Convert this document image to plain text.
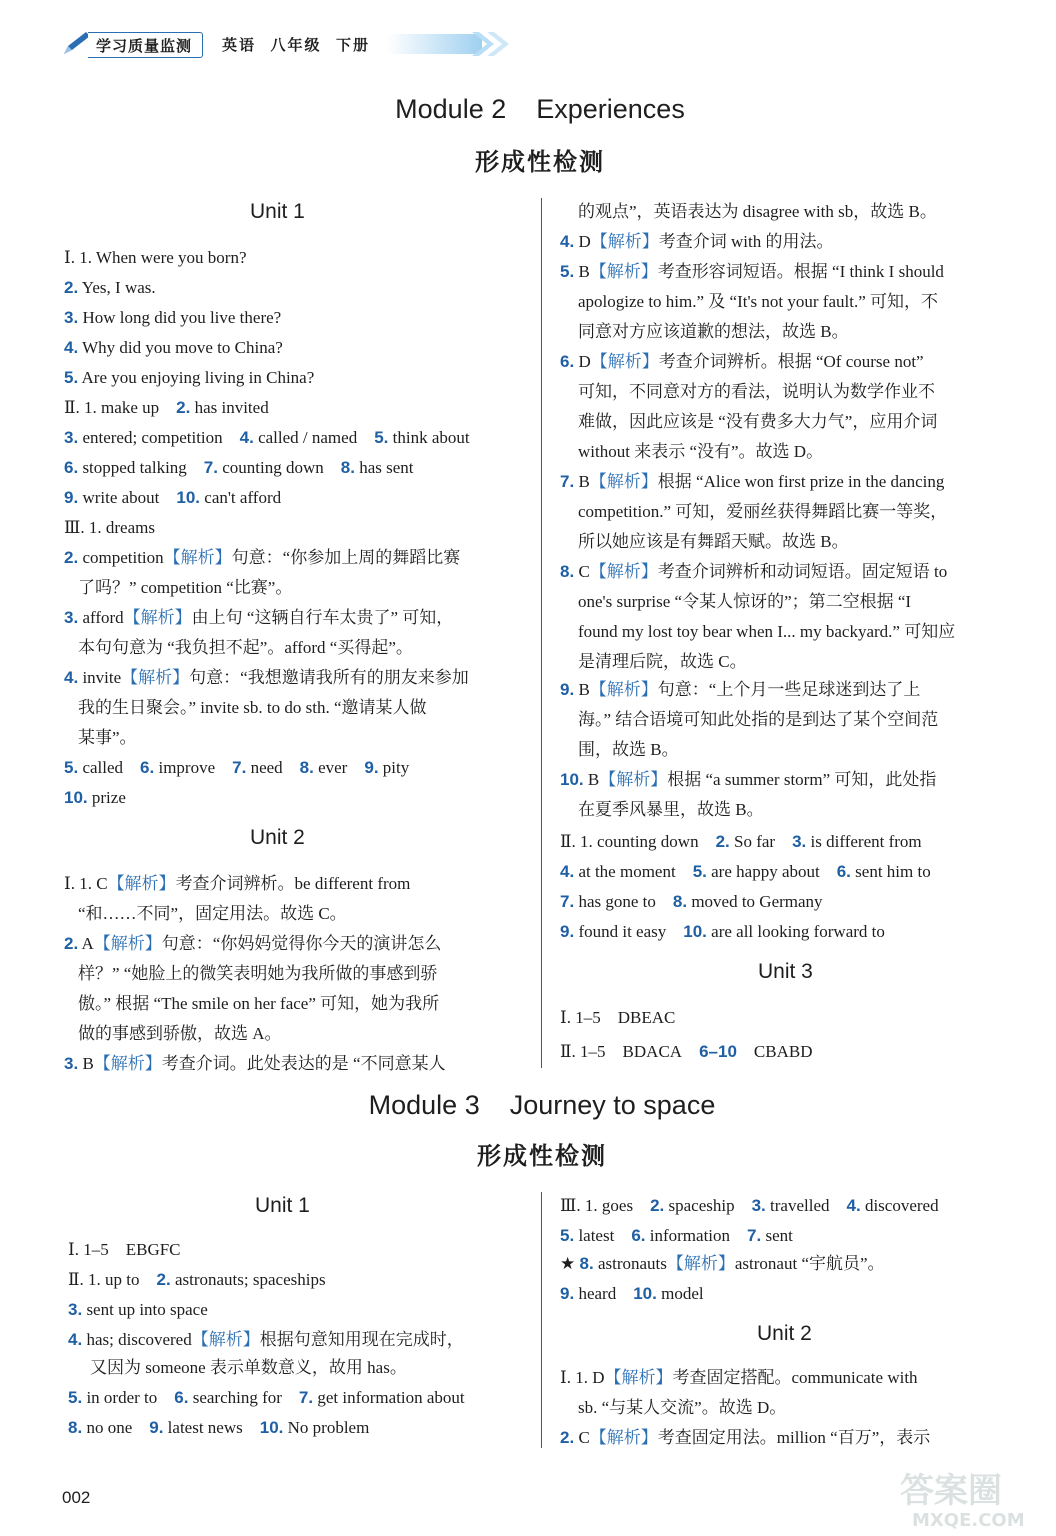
学习质量监测	英语
八年级
下册
Module 2    Experiences
形成性检测
Unit 1
Ⅰ. 1. When were you born?
2. Yes, I was.
3. How long did you live there?
4. Why did you move to China?
5. Are you enjoying living in China?
Ⅱ. 1. make up    2. has invited
3. entered; competition    4. called / named    5. think about
6. stopped talking    7. counting down    8. has sent
9. write about    10. can't afford
Ⅲ. 1. dreams
2. competition【解析】句意：“你参加上周的舞蹈比赛
了吗？” competition “比赛”。
3. afford【解析】由上句 “这辆自行车太贵了” 可知，
本句句意为 “我负担不起”。afford “买得起”。
4. invite【解析】句意：“我想邀请我所有的朋友来参加
我的生日聚会。” invite sb. to do sth. “邀请某人做
某事”。
5. called    6. improve    7. need    8. ever    9. pity
10. prize
Unit 2
Ⅰ. 1. C【解析】考查介词辨析。be different from
“和……不同”，固定用法。故选 C。
2. A【解析】句意：“你妈妈觉得你今天的演讲怎么
样？” “她脸上的微笑表明她为我所做的事感到骄
傲。” 根据 “The smile on her face” 可知，她为我所
做的事感到骄傲，故选 A。
3. B【解析】考查介词。此处表达的是 “不同意某人
的观点”，英语表达为 disagree with sb，故选 B。
4. D【解析】考查介词 with 的用法。
5. B【解析】考查形容词短语。根据 “I think I should
apologize to him.” 及 “It's not your fault.” 可知，不
同意对方应该道歉的想法，故选 B。
6. D【解析】考查介词辨析。根据 “Of course not”
可知，不同意对方的看法，说明认为数学作业不
难做，因此应该是 “没有费多大力气”，应用介词
without 来表示 “没有”。故选 D。
7. B【解析】根据 “Alice won first prize in the dancing
competition.” 可知，爱丽丝获得舞蹈比赛一等奖，
所以她应该是有舞蹈天赋。故选 B。
8. C【解析】考查介词辨析和动词短语。固定短语 to
one's surprise “令某人惊讶的”；第二空根据 “I
found my lost toy bear when I... my backyard.” 可知应
是清理后院，故选 C。
9. B【解析】句意：“上个月一些足球迷到达了上
海。” 结合语境可知此处指的是到达了某个空间范
围，故选 B。
10. B【解析】根据 “a summer storm” 可知，此处指
在夏季风暴里，故选 B。
Ⅱ. 1. counting down    2. So far    3. is different from
4. at the moment    5. are happy about    6. sent him to
7. has gone to    8. moved to Germany
9. found it easy    10. are all looking forward to
Unit 3
Ⅰ. 1–5    DBEAC
Ⅱ. 1–5    BDACA    6–10    CBABD
Module 3    Journey to space
形成性检测
Unit 1
Ⅰ. 1–5    EBGFC
Ⅱ. 1. up to    2. astronauts; spaceships
3. sent up into space
4. has; discovered【解析】根据句意知用现在完成时，
又因为 someone 表示单数意义，故用 has。
5. in order to    6. searching for    7. get information about
8. no one    9. latest news    10. No problem
Ⅲ. 1. goes    2. spaceship    3. travelled    4. discovered
5. latest    6. information    7. sent
★ 8. astronauts【解析】astronaut “宇航员”。
9. heard    10. model
Unit 2
Ⅰ. 1. D【解析】考查固定搭配。communicate with
sb. “与某人交流”。故选 D。
2. C【解析】考查固定用法。million “百万”，表示
002	答案圈
MXQE.COM
